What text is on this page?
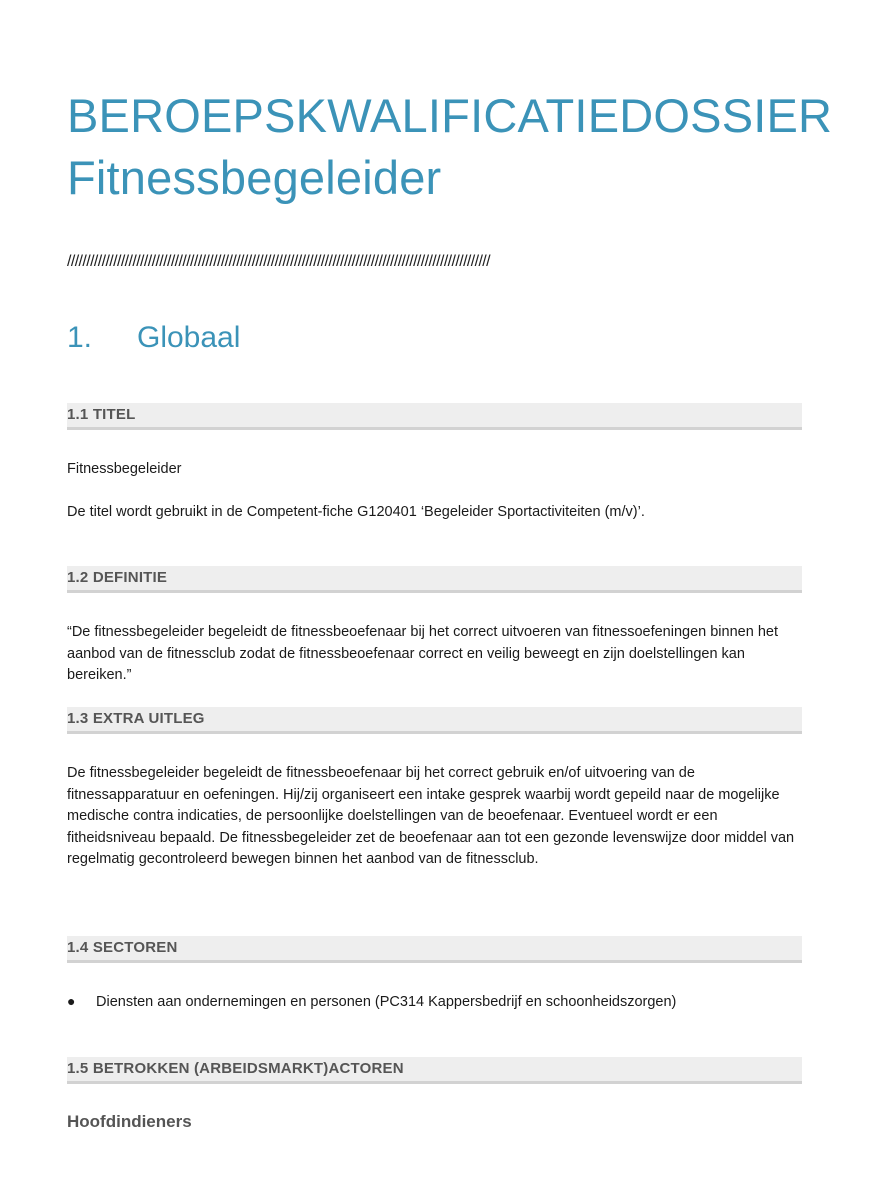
BEROEPSKWALIFICATIEDOSSIER
Fitnessbegeleider
//////////////////////////////////////////////////////////////////////////////////////////////////////////////
1. Globaal
1.1 TITEL
Fitnessbegeleider
De titel wordt gebruikt in de Competent-fiche G120401 ‘Begeleider Sportactiviteiten (m/v)’.
1.2 DEFINITIE
“De fitnessbegeleider begeleidt de fitnessbeoefenaar bij het correct uitvoeren van fitnessoefeningen binnen het aanbod van de fitnessclub zodat de fitnessbeoefenaar correct en veilig beweegt en zijn doelstellingen kan bereiken.”
1.3 EXTRA UITLEG
De fitnessbegeleider begeleidt de fitnessbeoefenaar bij het correct gebruik en/of uitvoering van de fitnessapparatuur en oefeningen. Hij/zij organiseert een intake gesprek waarbij wordt gepeild naar de mogelijke medische contra indicaties, de persoonlijke doelstellingen van de beoefenaar. Eventueel wordt er een fitheidsniveau bepaald. De fitnessbegeleider zet de beoefenaar aan tot een gezonde levenswijze door middel van regelmatig gecontroleerd bewegen binnen het aanbod van de fitnessclub.
1.4 SECTOREN
● Diensten aan ondernemingen en personen (PC314 Kappersbedrijf en schoonheidszorgen)
1.5 BETROKKEN (ARBEIDSMARKT)ACTOREN
Hoofdindieners
